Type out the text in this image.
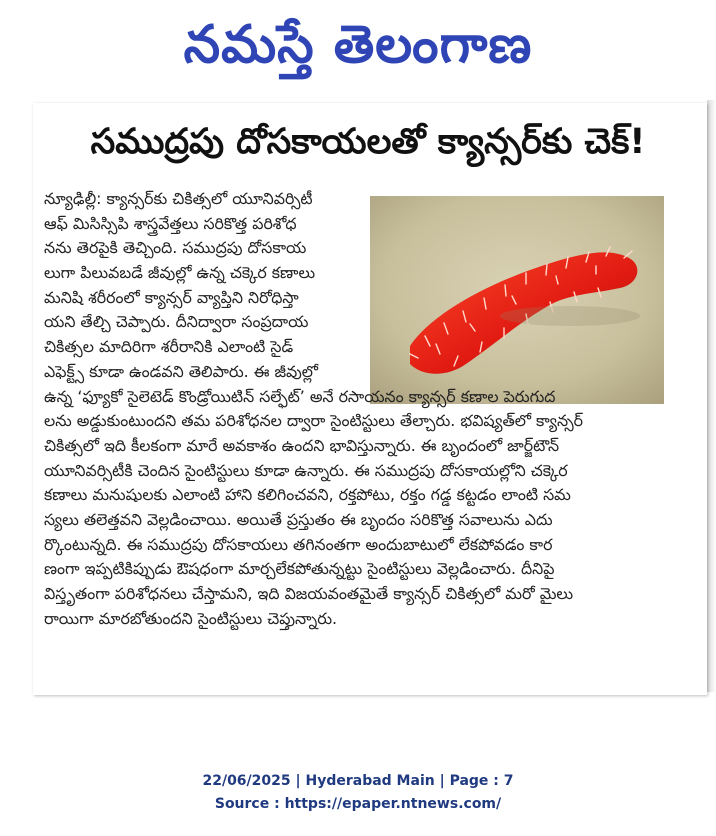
నమస్తే తెలంగాణ
సముద్రపు దోసకాయలతో క్యాన్సర్‌కు చెక్‌!
న్యూఢిల్లీ: క్యాన్సర్‌కు చికిత్సలో యూనివర్సిటీ
ఆఫ్‌ మిసిస్సిపి శాస్త్రవేత్తలు సరికొత్త పరిశోధ
నను తెరపైకి తెచ్చింది. సముద్రపు దోసకాయ
లుగా పిలువబడే జీవుల్లో ఉన్న చక్కెర కణాలు
మనిషి శరీరంలో క్యాన్సర్‌ వ్యాప్తిని నిరోధిస్తా
యని తేల్చి చెప్పారు. దీనిద్వారా సంప్రదాయ
చికిత్సల మాదిరిగా శరీరానికి ఎలాంటి సైడ్‌
ఎఫెక్ట్స్‌ కూడా ఉండవని తెలిపారు. ఈ జీవుల్లో
ఉన్న ‘ఫ్యూకో సైలెటెడ్‌ కొండ్రోయిటిన్‌ సల్ఫేట్‌’ అనే రసాయనం క్యాన్సర్‌ కణాల పెరుగుద
లను అడ్డుకుంటుందని తమ పరిశోధనల ద్వారా సైంటిస్టులు తేల్చారు. భవిష్యత్‌లో క్యాన్సర్‌
చికిత్సలో ఇది కీలకంగా మారే అవకాశం ఉందని భావిస్తున్నారు. ఈ బృందంలో జార్జ్‌టౌన్‌
యూనివర్సిటీకి చెందిన సైంటిస్టులు కూడా ఉన్నారు. ఈ సముద్రపు దోసకాయల్లోని చక్కెర
కణాలు మనుషులకు ఎలాంటి హాని కలిగించవని, రక్తపోటు, రక్తం గడ్డ కట్టడం లాంటి సమ
స్యలు తలెత్తవని వెల్లడించాయి. అయితే ప్రస్తుతం ఈ బృందం సరికొత్త సవాలును ఎదు
ర్కొంటున్నది. ఈ సముద్రపు దోసకాయలు తగినంతగా అందుబాటులో లేకపోవడం కార
ణంగా ఇప్పటికిప్పుడు ఔషధంగా మార్చలేకపోతున్నట్టు సైంటిస్టులు వెల్లడించారు. దీనిపై
విస్తృతంగా పరిశోధనలు చేస్తామని, ఇది విజయవంతమైతే క్యాన్సర్‌ చికిత్సలో మరో మైలు
రాయిగా మారబోతుందని సైంటిస్టులు చెప్తున్నారు.
22/06/2025 | Hyderabad Main | Page : 7
Source : https://epaper.ntnews.com/
